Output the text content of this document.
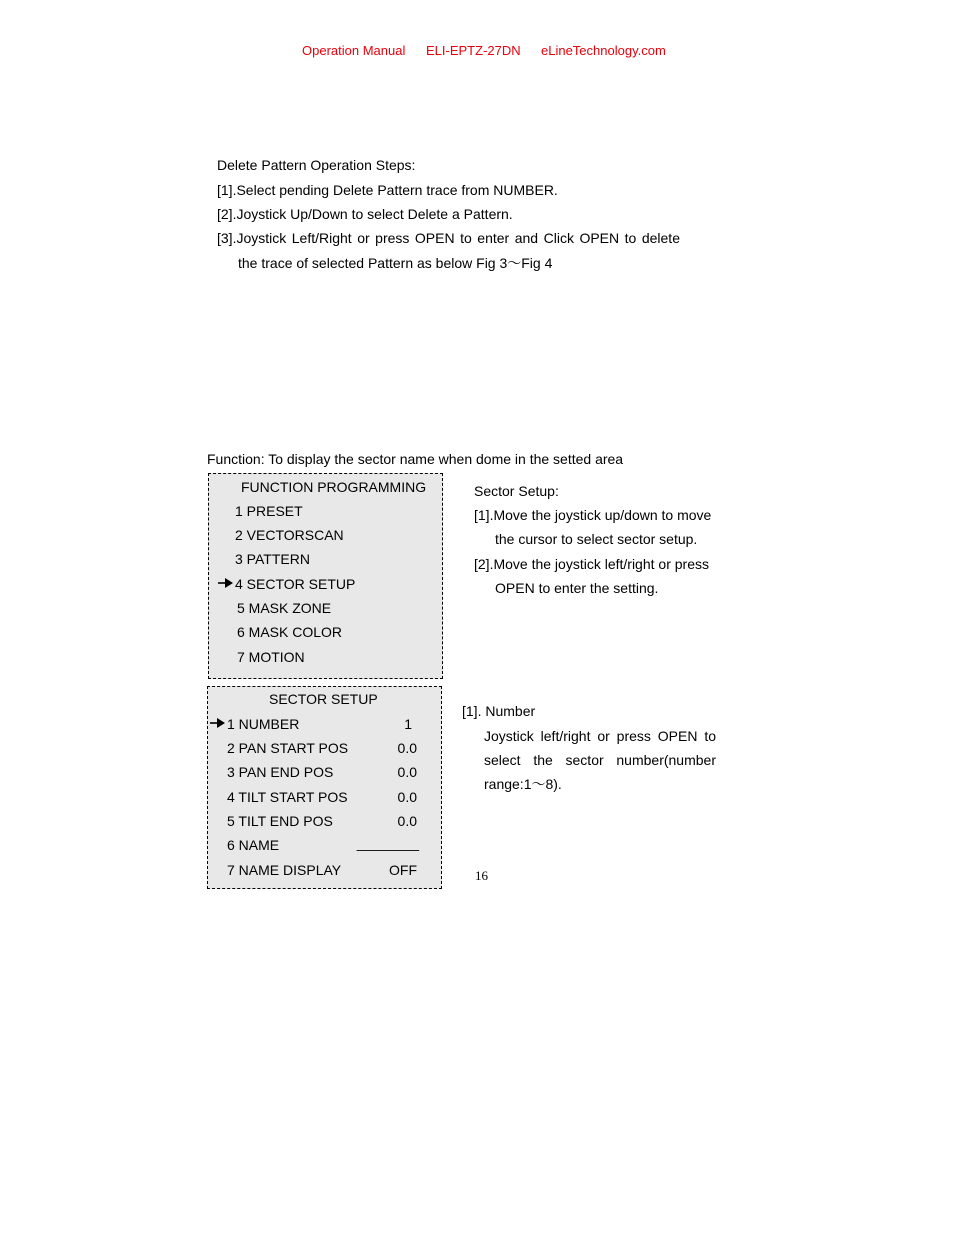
Operation Manual ELI-EPTZ-27DN eLineTechnology.com
Delete Pattern Operation Steps:
[1].Select pending Delete Pattern trace from NUMBER.
[2].Joystick Up/Down to select Delete a Pattern.
[3].Joystick Left/Right or press OPEN to enter and Click OPEN to delete
the trace of selected Pattern as below Fig 3～Fig 4
Function: To display the sector name when dome in the setted area
FUNCTION PROGRAMMING
1 PRESET
2 VECTORSCAN
3 PATTERN
4 SECTOR SETUP
5 MASK ZONE
6 MASK COLOR
7 MOTION
Sector Setup:
[1].Move the joystick up/down to move
the cursor to select sector setup.
[2].Move the joystick left/right or press
OPEN to enter the setting.
SECTOR SETUP
1 NUMBER	1
2 PAN START POS	0.0
3 PAN END POS	0.0
4 TILT START POS	0.0
5 TILT END POS	0.0
6 NAME	________
7 NAME DISPLAY	OFF
[1]. Number
Joystick left/right or press OPEN to
select the sector number(number
range:1～8).
16
